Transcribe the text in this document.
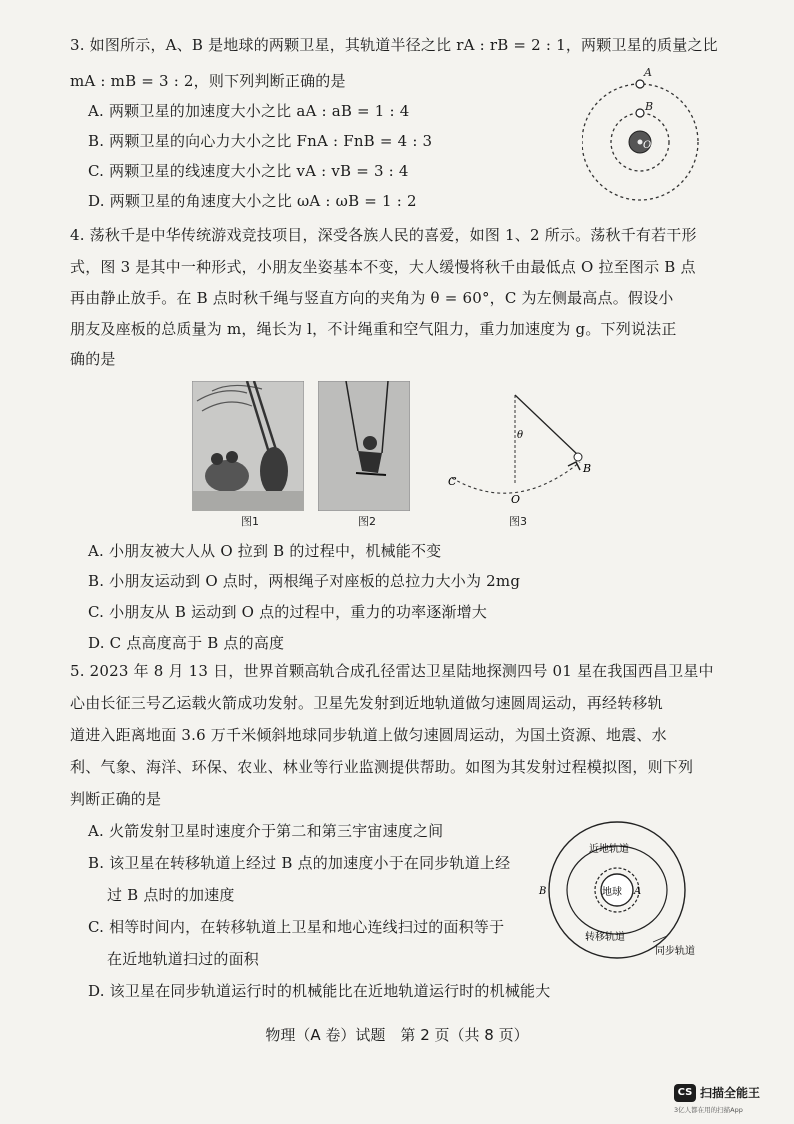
3. 如图所示，A、B 是地球的两颗卫星，其轨道半径之比 rA : rB = 2 : 1，两颗卫星的质量之比
mA : mB = 3 : 2，则下列判断正确的是
A. 两颗卫星的加速度大小之比 aA : aB = 1 : 4
B. 两颗卫星的向心力大小之比 FnA : FnB = 4 : 3
C. 两颗卫星的线速度大小之比 vA : vB = 3 : 4
D. 两颗卫星的角速度大小之比 ωA : ωB = 1 : 2
A
B
O
4. 荡秋千是中华传统游戏竞技项目，深受各族人民的喜爱，如图 1、2 所示。荡秋千有若干形
式，图 3 是其中一种形式，小朋友坐姿基本不变，大人缓慢将秋千由最低点 O 拉至图示 B 点
再由静止放手。在 B 点时秋千绳与竖直方向的夹角为 θ = 60°，C 为左侧最高点。假设小
朋友及座板的总质量为 m，绳长为 l，不计绳重和空气阻力，重力加速度为 g。下列说法正
确的是
图1	图2
θ
B
C
O
图3
A. 小朋友被大人从 O 拉到 B 的过程中，机械能不变
B. 小朋友运动到 O 点时，两根绳子对座板的总拉力大小为 2mg
C. 小朋友从 B 运动到 O 点的过程中，重力的功率逐渐增大
D. C 点高度高于 B 点的高度
5. 2023 年 8 月 13 日，世界首颗高轨合成孔径雷达卫星陆地探测四号 01 星在我国西昌卫星中
心由长征三号乙运载火箭成功发射。卫星先发射到近地轨道做匀速圆周运动，再经转移轨
道进入距离地面 3.6 万千米倾斜地球同步轨道上做匀速圆周运动，为国土资源、地震、水
利、气象、海洋、环保、农业、林业等行业监测提供帮助。如图为其发射过程模拟图，则下列
判断正确的是
A. 火箭发射卫星时速度介于第二和第三宇宙速度之间
B. 该卫星在转移轨道上经过 B 点的加速度小于在同步轨道上经
过 B 点时的加速度
C. 相等时间内，在转移轨道上卫星和地心连线扫过的面积等于
在近地轨道扫过的面积
D. 该卫星在同步轨道运行时的机械能比在近地轨道运行时的机械能大
地球
近地轨道
转移轨道
同步轨道
A
B
物理（A 卷）试题　第 2 页（共 8 页）
CS 扫描全能王
3亿人都在用的扫描App
